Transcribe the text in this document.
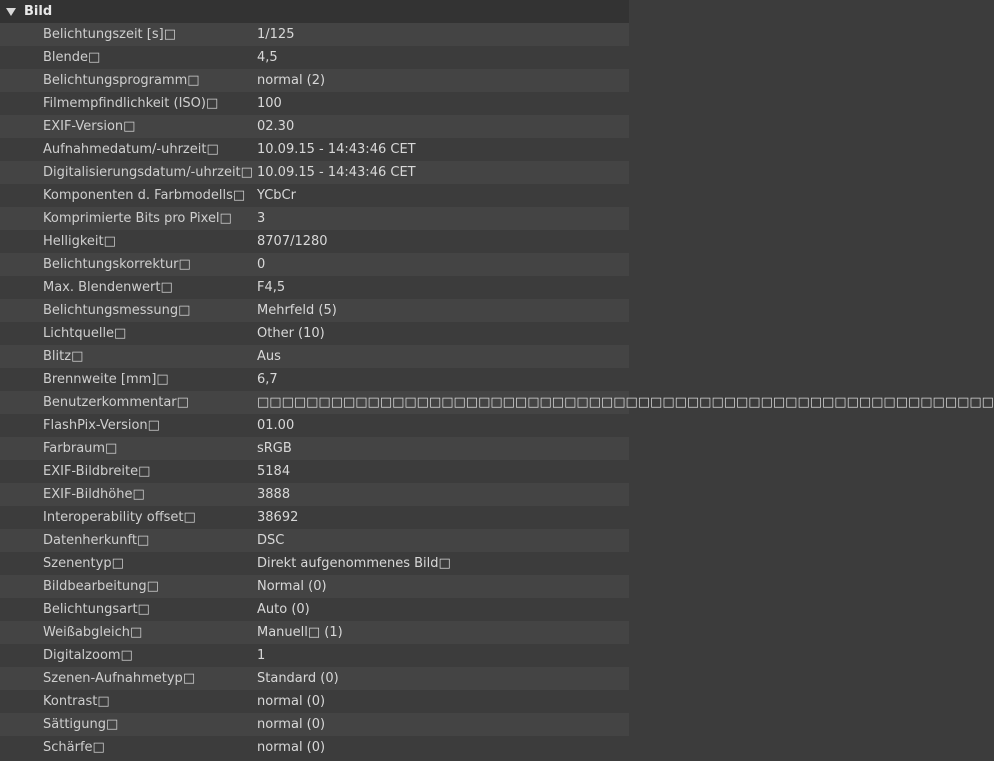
Bild
Belichtungszeit [s]□	1/125
Blende□	4,5
Belichtungsprogramm□	normal (2)
Filmempfindlichkeit (ISO)□	100
EXIF-Version□	02.30
Aufnahmedatum/-uhrzeit□	10.09.15 - 14:43:46 CET
Digitalisierungsdatum/-uhrzeit□ 10.09.15 - 14:43:46 CET
Komponenten d. Farbmodells□ YCbCr
Komprimierte Bits pro Pixel□ 3
Helligkeit□	8707/1280
Belichtungskorrektur□	0
Max. Blendenwert□	F4,5
Belichtungsmessung□	Mehrfeld (5)
Lichtquelle□	Other (10)
Blitz□	Aus
Brennweite [mm]□	6,7
Benutzerkommentar□	□□□□□□□□□□□□□□□□□□□□□□□□□□□□□□□□□□□□□□□□□□□□□□□□□□□□□□□□□□□□
FlashPix-Version□	01.00
Farbraum□	sRGB
EXIF-Bildbreite□	5184
EXIF-Bildhöhe□	3888
Interoperability offset□	38692
Datenherkunft□	DSC
Szenentyp□	Direkt aufgenommenes Bild□
Bildbearbeitung□	Normal (0)
Belichtungsart□	Auto (0)
Weißabgleich□	Manuell□ (1)
Digitalzoom□	1
Szenen-Aufnahmetyp□	Standard (0)
Kontrast□	normal (0)
Sättigung□	normal (0)
Schärfe□	normal (0)
